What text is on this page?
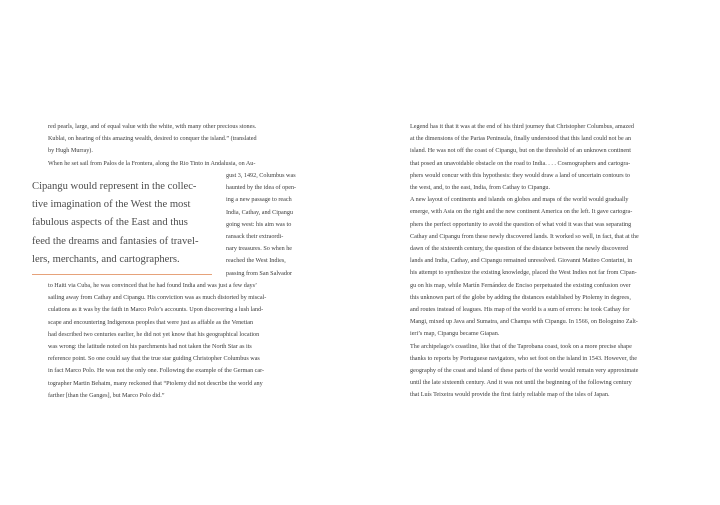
red pearls, large, and of equal value with the white, with many other precious stones.

Kublai, on hearing of this amazing wealth, desired to conquer the island.” (translated

by Hugh Murray).

When he set sail from Palos de la Frontera, along the Rio Tinto in Andalusia, on Au-

gust 3, 1492, Columbus was

haunted by the idea of open-

ing a new passage to reach

India, Cathay, and Cipangu

going west: his aim was to

ransack their extraordi-

nary treasures. So when he

reached the West Indies,

passing from San Salvador

Cipangu would represent in the collec-
tive imagination of the West the most
fabulous aspects of the East and thus
feed the dreams and fantasies of travel-
lers, merchants, and cartographers.

to Haiti via Cuba, he was convinced that he had found India and was just a few days’

sailing away from Cathay and Cipangu. His conviction was as much distorted by miscal-

culations as it was by the faith in Marco Polo’s accounts. Upon discovering a lush land-

scape and encountering Indigenous peoples that were just as affable as the Venetian

had described two centuries earlier, he did not yet know that his geographical location

was wrong: the latitude noted on his parchments had not taken the North Star as its

reference point. So one could say that the true star guiding Christopher Columbus was

in fact Marco Polo. He was not the only one. Following the example of the German car-

tographer Martin Behaim, many reckoned that “Ptolemy did not describe the world any

farther [than the Ganges], but Marco Polo did.”

Legend has it that it was at the end of his third journey that Christopher Columbus, amazed

at the dimensions of the Parias Peninsula, finally understood that this land could not be an

island. He was not off the coast of Cipangu, but on the threshold of an unknown continent

that posed an unavoidable obstacle on the road to India. . . . Cosmographers and cartogra-

phers would concur with this hypothesis: they would draw a land of uncertain contours to

the west, and, to the east, India, from Cathay to Cipangu.

A new layout of continents and islands on globes and maps of the world would gradually

emerge, with Asia on the right and the new continent America on the left. It gave cartogra-

phers the perfect opportunity to avoid the question of what void it was that was separating

Cathay and Cipangu from these newly discovered lands. It worked so well, in fact, that at the

dawn of the sixteenth century, the question of the distance between the newly discovered

lands and India, Cathay, and Cipangu remained unresolved. Giovanni Matteo Contarini, in

his attempt to synthesize the existing knowledge, placed the West Indies not far from Cipan-

gu on his map, while Martín Fernández de Enciso perpetuated the existing confusion over

this unknown part of the globe by adding the distances established by Ptolemy in degrees,

and routes instead of leagues. His map of the world is a sum of errors: he took Cathay for

Mangi, mixed up Java and Sumatra, and Champa with Cipangu. In 1566, on Bolognino Zalt-

ieri’s map, Cipangu became Giapan.

The archipelago’s coastline, like that of the Taprobana coast, took on a more precise shape

thanks to reports by Portuguese navigators, who set foot on the island in 1543. However, the

geography of the coast and island of these parts of the world would remain very approximate

until the late sixteenth century. And it was not until the beginning of the following century

that Luís Teixeira would provide the first fairly reliable map of the isles of Japan.
